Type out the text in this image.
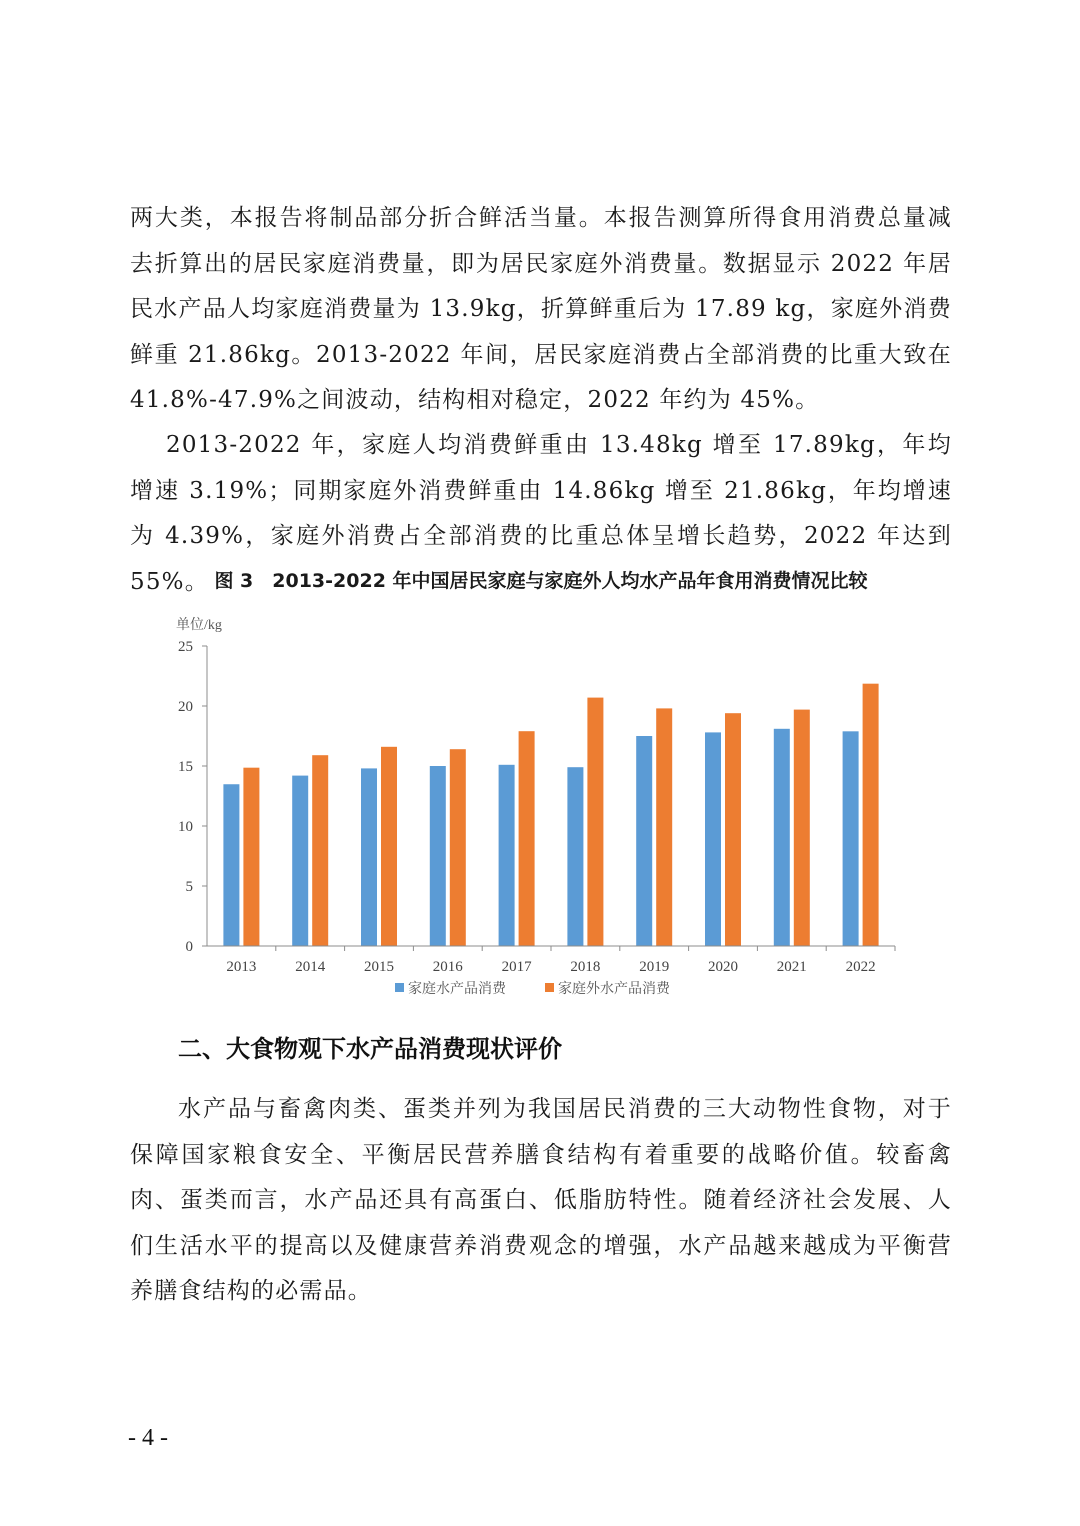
两大类，本报告将制品部分折合鲜活当量。本报告测算所得食用消费总量减去折算出的居民家庭消费量，即为居民家庭外消费量。数据显示 2022 年居民水产品人均家庭消费量为 13.9kg，折算鲜重后为 17.89 kg，家庭外消费鲜重 21.86kg。2013-2022 年间，居民家庭消费占全部消费的比重大致在 41.8%-47.9%之间波动，结构相对稳定，2022 年约为 45%。

2013-2022 年，家庭人均消费鲜重由 13.48kg 增至 17.89kg，年均增速 3.19%；同期家庭外消费鲜重由 14.86kg 增至 21.86kg，年均增速为 4.39%，家庭外消费占全部消费的比重总体呈增长趋势，2022 年达到 55%。 图 3　2013-2022 年中国居民家庭与家庭外人均水产品年食用消费情况比较

单位/kg
0
5
10
15
20
25
2013	2014	2015	2016	2017	2018	2019	2020	2021	2022
家庭水产品消费	家庭外水产品消费
二、大食物观下水产品消费现状评价

水产品与畜禽肉类、蛋类并列为我国居民消费的三大动物性食物，对于保障国家粮食安全、平衡居民营养膳食结构有着重要的战略价值。较畜禽肉、蛋类而言，水产品还具有高蛋白、低脂肪特性。随着经济社会发展、人们生活水平的提高以及健康营养消费观念的增强，水产品越来越成为平衡营养膳食结构的必需品。

- 4 -
